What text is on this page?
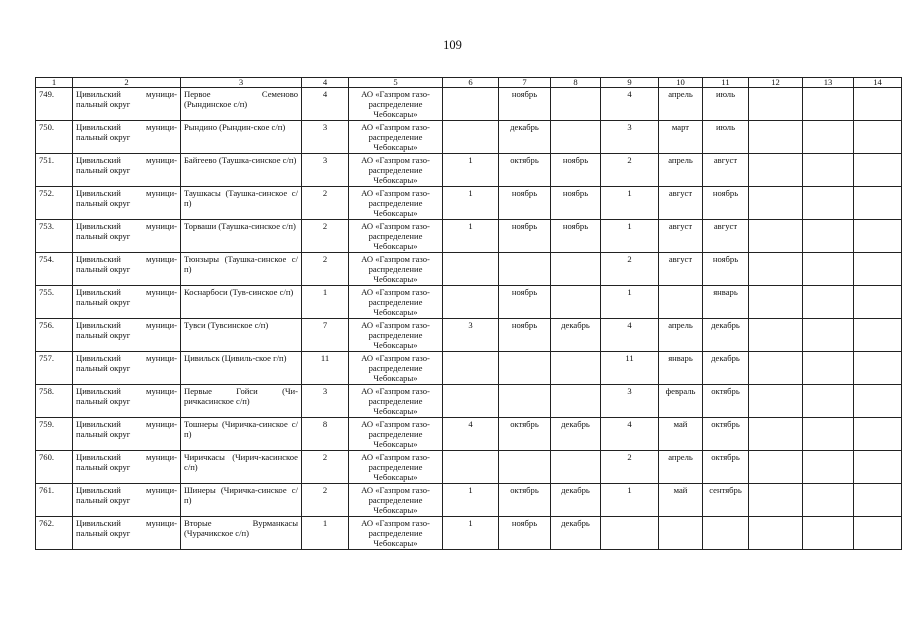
109
1	2	3	4	5	6	7	8	9	10	11	12	13	14
749.	Цивильский муници-пальный округ	Первое Семеново (Рындинское с/п)	4	АО «Газпром газо-распределение Чебоксары»		ноябрь		4	апрель	июль			
750.	Цивильский муници-пальный округ	Рындино (Рындин-ское с/п)	3	АО «Газпром газо-распределение Чебоксары»		декабрь		3	март	июль			
751.	Цивильский муници-пальный округ	Байгеево (Таушка-синское с/п)	3	АО «Газпром газо-распределение Чебоксары»	1	октябрь	ноябрь	2	апрель	август			
752.	Цивильский муници-пальный округ	Таушкасы (Таушка-синское с/п)	2	АО «Газпром газо-распределение Чебоксары»	1	ноябрь	ноябрь	1	август	ноябрь			
753.	Цивильский муници-пальный округ	Торваши (Таушка-синское с/п)	2	АО «Газпром газо-распределение Чебоксары»	1	ноябрь	ноябрь	1	август	август			
754.	Цивильский муници-пальный округ	Тюнзыры (Таушка-синское с/п)	2	АО «Газпром газо-распределение Чебоксары»				2	август	ноябрь			
755.	Цивильский муници-пальный округ	Коснарбоси (Тув-синское с/п)	1	АО «Газпром газо-распределение Чебоксары»		ноябрь		1		январь			
756.	Цивильский муници-пальный округ	Тувси (Тувсинское с/п)	7	АО «Газпром газо-распределение Чебоксары»	3	ноябрь	декабрь	4	апрель	декабрь			
757.	Цивильский муници-пальный округ	Цивильск (Цивиль-ское г/п)	11	АО «Газпром газо-распределение Чебоксары»				11	январь	декабрь			
758.	Цивильский муници-пальный округ	Первые Гойси (Чи-ричкасинское с/п)	3	АО «Газпром газо-распределение Чебоксары»				3	февраль	октябрь			
759.	Цивильский муници-пальный округ	Тошнеры (Чиричка-синское с/п)	8	АО «Газпром газо-распределение Чебоксары»	4	октябрь	декабрь	4	май	октябрь			
760.	Цивильский муници-пальный округ	Чиричкасы (Чирич-касинское с/п)	2	АО «Газпром газо-распределение Чебоксары»				2	апрель	октябрь			
761.	Цивильский муници-пальный округ	Шинеры (Чиричка-синское с/п)	2	АО «Газпром газо-распределение Чебоксары»	1	октябрь	декабрь	1	май	сентябрь			
762.	Цивильский муници-пальный округ	Вторые Вурманкасы (Чурачикское с/п)	1	АО «Газпром газо-распределение Чебоксары»	1	ноябрь	декабрь						
